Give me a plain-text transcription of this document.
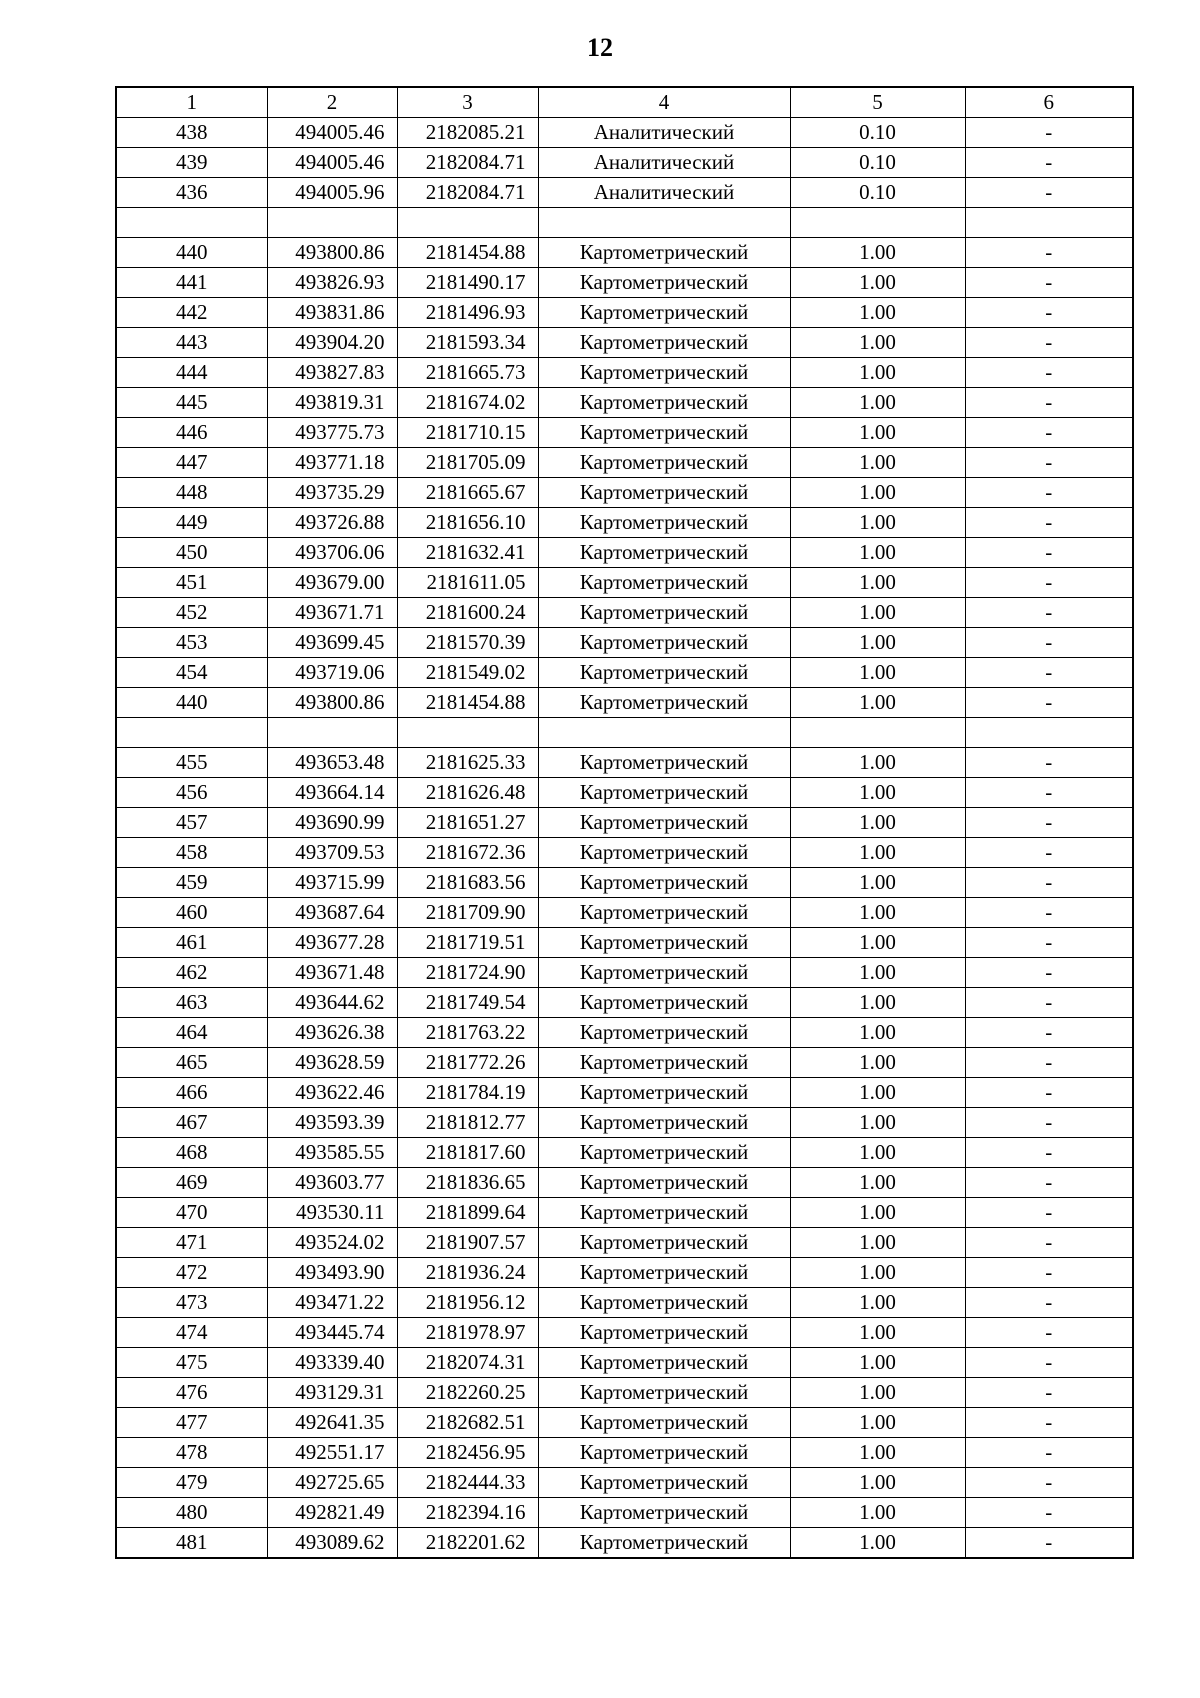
12
1	2	3	4	5	6
438	494005.46	2182085.21	Аналитический	0.10	-
439	494005.46	2182084.71	Аналитический	0.10	-
436	494005.96	2182084.71	Аналитический	0.10	-

440	493800.86	2181454.88	Картометрический	1.00	-
441	493826.93	2181490.17	Картометрический	1.00	-
442	493831.86	2181496.93	Картометрический	1.00	-
443	493904.20	2181593.34	Картометрический	1.00	-
444	493827.83	2181665.73	Картометрический	1.00	-
445	493819.31	2181674.02	Картометрический	1.00	-
446	493775.73	2181710.15	Картометрический	1.00	-
447	493771.18	2181705.09	Картометрический	1.00	-
448	493735.29	2181665.67	Картометрический	1.00	-
449	493726.88	2181656.10	Картометрический	1.00	-
450	493706.06	2181632.41	Картометрический	1.00	-
451	493679.00	2181611.05	Картометрический	1.00	-
452	493671.71	2181600.24	Картометрический	1.00	-
453	493699.45	2181570.39	Картометрический	1.00	-
454	493719.06	2181549.02	Картометрический	1.00	-
440	493800.86	2181454.88	Картометрический	1.00	-

455	493653.48	2181625.33	Картометрический	1.00	-
456	493664.14	2181626.48	Картометрический	1.00	-
457	493690.99	2181651.27	Картометрический	1.00	-
458	493709.53	2181672.36	Картометрический	1.00	-
459	493715.99	2181683.56	Картометрический	1.00	-
460	493687.64	2181709.90	Картометрический	1.00	-
461	493677.28	2181719.51	Картометрический	1.00	-
462	493671.48	2181724.90	Картометрический	1.00	-
463	493644.62	2181749.54	Картометрический	1.00	-
464	493626.38	2181763.22	Картометрический	1.00	-
465	493628.59	2181772.26	Картометрический	1.00	-
466	493622.46	2181784.19	Картометрический	1.00	-
467	493593.39	2181812.77	Картометрический	1.00	-
468	493585.55	2181817.60	Картометрический	1.00	-
469	493603.77	2181836.65	Картометрический	1.00	-
470	493530.11	2181899.64	Картометрический	1.00	-
471	493524.02	2181907.57	Картометрический	1.00	-
472	493493.90	2181936.24	Картометрический	1.00	-
473	493471.22	2181956.12	Картометрический	1.00	-
474	493445.74	2181978.97	Картометрический	1.00	-
475	493339.40	2182074.31	Картометрический	1.00	-
476	493129.31	2182260.25	Картометрический	1.00	-
477	492641.35	2182682.51	Картометрический	1.00	-
478	492551.17	2182456.95	Картометрический	1.00	-
479	492725.65	2182444.33	Картометрический	1.00	-
480	492821.49	2182394.16	Картометрический	1.00	-
481	493089.62	2182201.62	Картометрический	1.00	-
